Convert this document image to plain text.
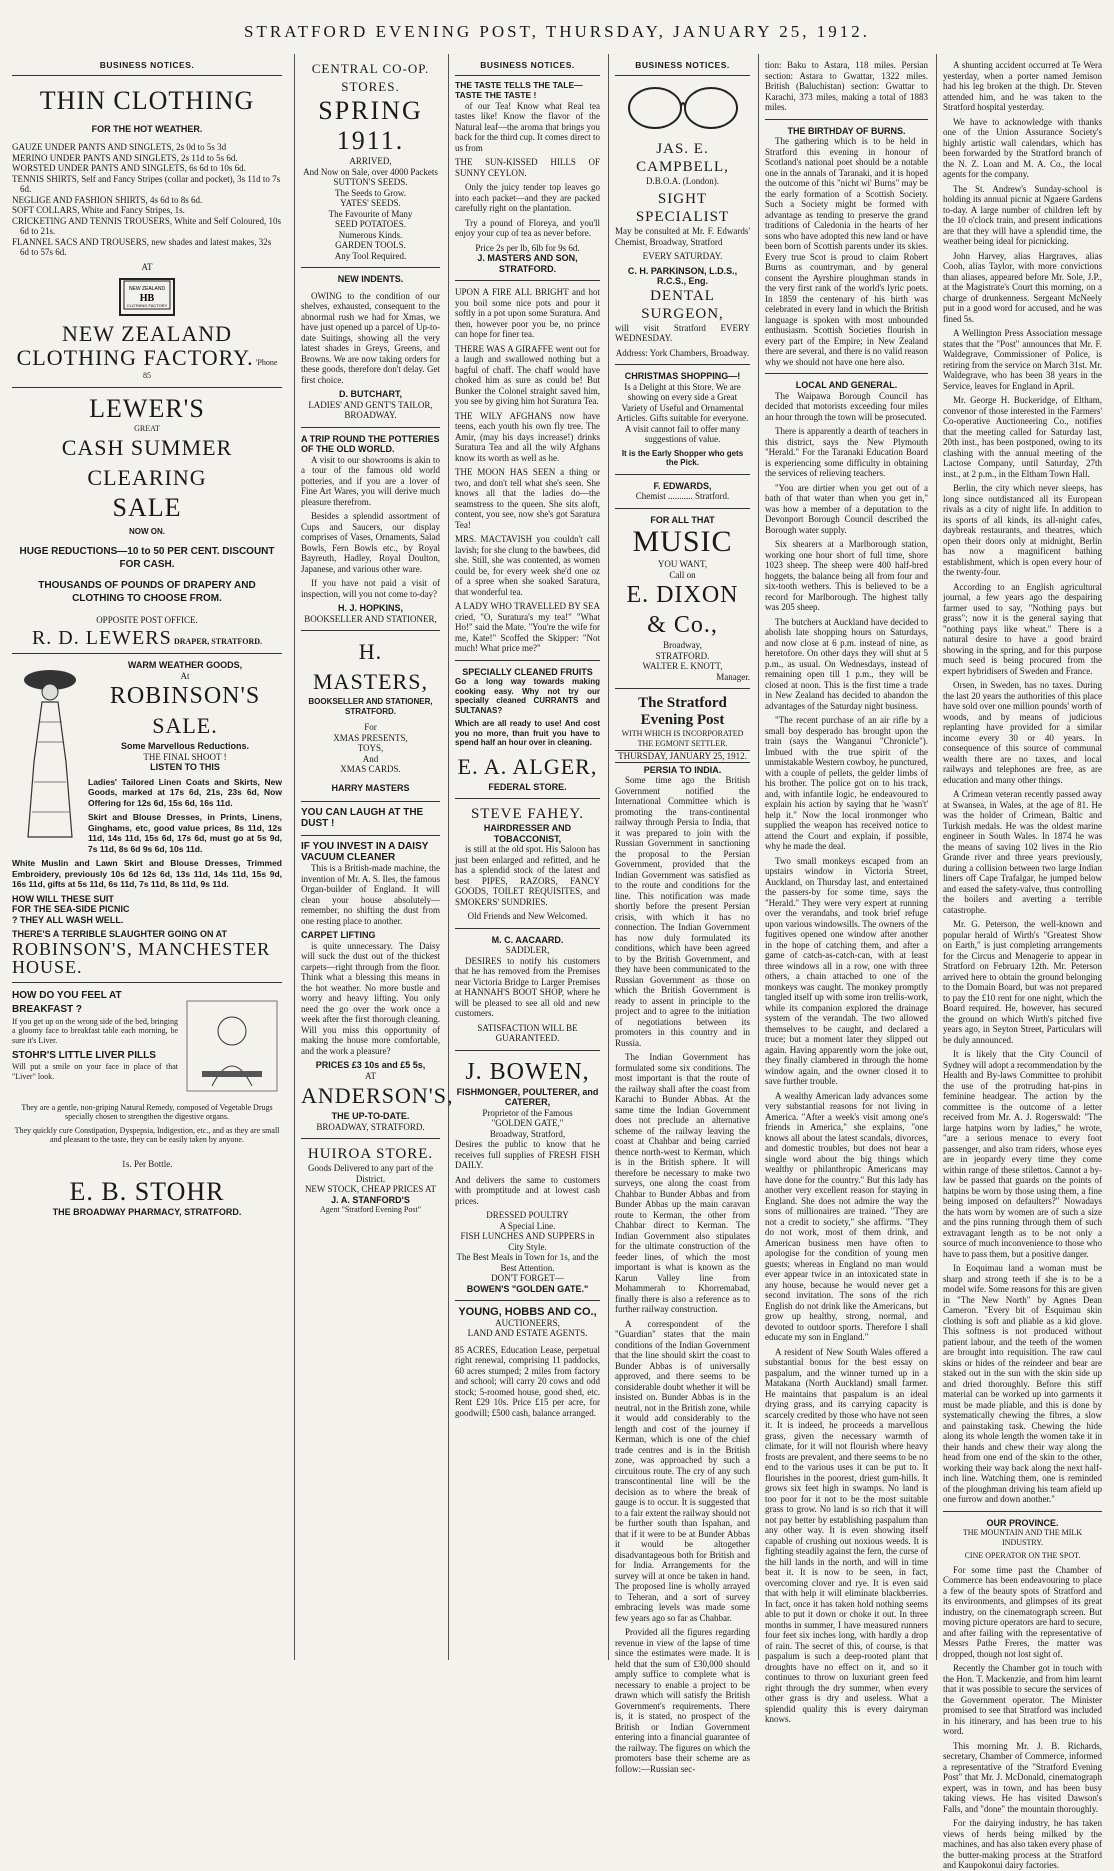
STRATFORD EVENING POST, THURSDAY, JANUARY 25, 1912.
BUSINESS NOTICES.
THIN CLOTHING
FOR THE HOT WEATHER.
GAUZE UNDER PANTS AND SINGLETS, 2s 0d to 5s 3d
MERINO UNDER PANTS AND SINGLETS, 2s 11d to 5s 6d.
WORSTED UNDER PANTS AND SINGLETS, 6s 6d to 10s 6d.
TENNIS SHIRTS, Self and Fancy Stripes (collar and pocket), 3s 11d to 7s 6d.
NEGLIGE AND FASHION SHIRTS, 4s 6d to 8s 6d.
SOFT COLLARS, White and Fancy Stripes, 1s.
CRICKETING AND TENNIS TROUSERS, White and Self Coloured, 10s 6d to 21s.
FLANNEL SACS AND TROUSERS, new shades and latest makes, 32s 6d to 57s 6d.
AT
NEW ZEALAND
HB
CLOTHING FACTORY
NEW ZEALAND CLOTHING FACTORY. 'Phone 85
LEWER'S
GREAT
CASH SUMMER CLEARING
SALE
NOW ON.
HUGE REDUCTIONS—10 to 50 PER CENT. DISCOUNT FOR CASH.
THOUSANDS OF POUNDS OF DRAPERY AND CLOTHING TO CHOOSE FROM.
OPPOSITE POST OFFICE.
R. D. LEWERS DRAPER, STRATFORD.
WARM WEATHER GOODS,
At
ROBINSON'S
SALE.
Some Marvellous Reductions.
THE FINAL SHOOT !
LISTEN TO THIS

Ladies' Tailored Linen Coats and Skirts, New Goods, marked at 17s 6d, 21s, 23s 6d, Now Offering for 12s 6d, 15s 6d, 16s 11d.

Skirt and Blouse Dresses, in Prints, Linens, Ginghams, etc, good value prices, 8s 11d, 12s 11d, 14s 11d, 15s 6d, 17s 6d, must go at 5s 9d, 7s 11d, 8s 6d 9s 6d, 10s 11d.

White Muslin and Lawn Skirt and Blouse Dresses, Trimmed Embroidery, previously 10s 6d 12s 6d, 13s 11d, 14s 11d, 15s 9d, 16s 11d, gifts at 5s 11d, 6s 11d, 7s 11d, 8s 11d, 9s 11d.

HOW WILL THESE SUIT FOR THE SEA-SIDE PICNIC ? THEY ALL WASH WELL.
THERE'S A TERRIBLE SLAUGHTER GOING ON AT
ROBINSON'S, MANCHESTER HOUSE.
HOW DO YOU FEEL AT BREAKFAST ?

If you get up on the wrong side of the bed, bringing a gloomy face to breakfast table each morning, be sure it's Liver.

STOHR'S LITTLE LIVER PILLS

Will put a smile on your face in place of that "Liver" look.

They are a gentle, non-griping Natural Remedy, composed of Vegetable Drugs specially chosen to strengthen the digestive organs.

They quickly cure Constipation, Dyspepsia, Indigestion, etc., and as they are small and pleasant to the taste, they can be easily taken by anyone.

1s. Per Bottle.
E. B. STOHR
THE BROADWAY PHARMACY, STRATFORD.
CENTRAL CO-OP. STORES.
SPRING 1911.
ARRIVED,
And Now on Sale, over 4000 Packets
SUTTON'S SEEDS.
The Seeds to Grow.
YATES' SEEDS.
The Favourite of Many
SEED POTATOES.
Numerous Kinds.
GARDEN TOOLS.
Any Tool Required.
NEW INDENTS.

OWING to the condition of our shelves, exhausted, consequent to the abnormal rush we had for Xmas, we have just opened up a parcel of Up-to-date Suitings, showing all the very latest shades in Greys, Greens, and Browns. We are now taking orders for these goods, therefore don't delay. Get first choice.

D. BUTCHART,
LADIES' AND GENT'S TAILOR,
BROADWAY.
A TRIP ROUND THE POTTERIES OF THE OLD WORLD.

A visit to our showrooms is akin to a tour of the famous old world potteries, and if you are a lover of Fine Art Wares, you will derive much pleasure therefrom.

Besides a splendid assortment of Cups and Saucers, our display comprises of Vases, Ornaments, Salad Bowls, Fern Bowls etc., by Royal Bayreuth, Hadley, Royal Doulton, Japanese, and various other ware.

If you have not paid a visit of inspection, will you not come to-day?

H. J. HOPKINS,
BOOKSELLER AND STATIONER,
H. MASTERS,
BOOKSELLER AND STATIONER, STRATFORD.
For
XMAS PRESENTS,
TOYS,
And
XMAS CARDS.
HARRY MASTERS
YOU CAN LAUGH AT THE DUST !
IF YOU INVEST IN A DAISY VACUUM CLEANER

This is a British-made machine, the invention of Mr. A. S. Iles, the famous Organ-builder of England. It will clean your house absolutely—remember, no shifting the dust from one resting place to another.

CARPET LIFTING

is quite unnecessary. The Daisy will suck the dust out of the thickest carpets—right through from the floor. Think what a blessing this means in the hot weather. No more bustle and worry and heavy lifting. You only need the go over the work once a week after the first thorough cleaning. Will you miss this opportunity of making the house more comfortable, and the work a pleasure?

PRICES £3 10s and £5 5s,
AT
ANDERSON'S,
THE UP-TO-DATE.
BROADWAY, STRATFORD.
HUIROA STORE.
Goods Delivered to any part of the District.
NEW STOCK, CHEAP PRICES AT
J. A. STANFORD'S
Agent "Stratford Evening Post"
BUSINESS NOTICES.
THE TASTE TELLS THE TALE— TASTE THE TASTE !

of our Tea! Know what Real tea tastes like! Know the flavor of the Natural leaf—the aroma that brings you back for the third cup. It comes direct to us from

THE SUN-KISSED HILLS OF SUNNY CEYLON.

Only the juicy tender top leaves go into each packet—and they are packed carefully right on the plantation.

Try a pound of Floreya, and you'll enjoy your cup of tea as never before.

Price 2s per lb, 6lb for 9s 6d.
J. MASTERS AND SON, STRATFORD.

UPON A FIRE ALL BRIGHT and hot you boil some nice pots and pour it softly in a pot upon some Suratura. And then, however poor you be, no prince can hope for finer tea.

THERE WAS A GIRAFFE went out for a laugh and swallowed nothing but a bagful of chaff. The chaff would have choked him as sure as could be! But Bunker the Colonel straight saved him, you see by giving him hot Suratura Tea.

THE WILY AFGHANS now have teens, each youth his own fly tree. The Amir, (may his days increase!) drinks Suratura Tea and all the wily Afghans know its worth as well as he.

THE MOON HAS SEEN a thing or two, and don't tell what she's seen. She knows all that the ladies do—the seamstress to the queen. She sits aloft, content, you see, now she's got Saratura Tea!

MRS. MACTAVISH you couldn't call lavish; for she clung to the bawbees, did she. Still, she was contented, as women could be, for every week she'd one oz of a spree when she soaked Saratura, that wonderful tea.

A LADY WHO TRAVELLED BY SEA cried, "O, Suratura's my tea!" "What Ho!" said the Mate. "You're the wife for me, Kate!" Scoffed the Skipper: "Not much! What price me?"

SPECIALLY CLEANED FRUITS

Go a long way towards making cooking easy. Why not try our specially cleaned CURRANTS and SULTANAS?

Which are all ready to use! And cost you no more, than fruit you have to spend half an hour over in cleaning.

E. A. ALGER,
FEDERAL STORE.
STEVE FAHEY.
HAIRDRESSER AND TOBACCONIST,

is still at the old spot. His Saloon has just been enlarged and refitted, and he has a splendid stock of the latest and best PIPES, RAZORS, FANCY GOODS, TOILET REQUISITES, and SMOKERS' SUNDRIES.

Old Friends and New Welcomed.
M. C. AACAARD.
SADDLER,

DESIRES to notify his customers that he has removed from the Premises near Victoria Bridge to Larger Premises at HANNAH'S BOOT SHOP, where he will be pleased to see all old and new customers.

SATISFACTION WILL BE GUARANTEED.
J. BOWEN,
FISHMONGER, POULTERER, and CATERER,
Proprietor of the Famous
"GOLDEN GATE,"
Broadway, Stratford,

Desires the public to know that he receives full supplies of FRESH FISH DAILY.

And delivers the same to customers with promptitude and at lowest cash prices.

DRESSED POULTRY
A Special Line.
FISH LUNCHES AND SUPPERS in City Style.
The Best Meals in Town for 1s, and the Best Attention.
DON'T FORGET—
BOWEN'S "GOLDEN GATE."
YOUNG, HOBBS AND CO.,
AUCTIONEERS,
LAND AND ESTATE AGENTS.

85 ACRES, Education Lease, perpetual right renewal, comprising 11 paddocks, 60 acres stumped; 2 miles from factory and school; will carry 20 cows and odd stock; 5-roomed house, good shed, etc. Rent £29 10s. Price £15 per acre, for goodwill; £500 cash, balance arranged.

BUSINESS NOTICES.
JAS. E. CAMPBELL,
D.B.O.A. (London).
SIGHT SPECIALIST

May be consulted at Mr. F. Edwards' Chemist, Broadway, Stratford

EVERY SATURDAY.
C. H. PARKINSON, L.D.S., R.C.S., Eng.
DENTAL SURGEON,

will visit Stratford EVERY WEDNESDAY.

Address: York Chambers, Broadway.
CHRISTMAS SHOPPING—!

Is a Delight at this Store. We are showing on every side a Great Variety of Useful and Ornamental Articles. Gifts suitable for everyone. A visit cannot fail to offer many suggestions of value.

It is the Early Shopper who gets the Pick.
F. EDWARDS,
Chemist ........... Stratford.
FOR ALL THAT
MUSIC
YOU WANT,
Call on
E. DIXON & Co.,
Broadway,
STRATFORD.
WALTER E. KNOTT,
Manager.
The Stratford Evening Post
WITH WHICH IS INCORPORATED THE EGMONT SETTLER.
THURSDAY, JANUARY 25, 1912.
PERSIA TO INDIA.

Some time ago the British Government notified the International Committee which is promoting the trans-continental railway through Persia to India, that it was prepared to join with the Russian Government in sanctioning the proposal to the Persian Government, provided that the Indian Government was satisfied as to the route and conditions for the line. This notification was made shortly before the present Persian crisis, with which it has no connection. The Indian Government has now duly formulated its conditions, which have been agreed to by the British Government, and they have been communicated to the Russian Government as those on which the British Government is ready to assent in principle to the project and to agree to the initiation of negotiations between its promoters in this country and in Russia.

The Indian Government has formulated some six conditions. The most important is that the route of the railway shall after the coast from Karachi to Bunder Abbas. At the same time the Indian Government does not preclude an alternative scheme of the railway leaving the coast at Chahbar and being carried thence north-west to Kerman, which is in the British sphere. It will therefore be necessary to make two surveys, one along the coast from Chahbar to Bunder Abbas and from Bunder Abbas up the main caravan route to Kerman, the other from Chahbar direct to Kerman. The Indian Government also stipulates for the ultimate construction of the feeder lines, of which the most important is what is known as the Karun Valley line from Mohammerah to Khorremabad, finally there is also a reference as to further railway construction.

A correspondent of the "Guardian" states that the main conditions of the Indian Government that the line should skirt the coast to Bunder Abbas is of universally approved, and there seems to be considerable doubt whether it will be insisted on. Bunder Abbas is in the neutral, not in the British zone, while it would add considerably to the length and cost of the journey if Kerman, which is one of the chief trade centres and is in the British zone, was approached by such a circuitous route. The cry of any such transcontinental line will be the decision as to where the break of gauge is to occur. It is suggested that to a fair extent the railway should not be further south than Ispahan, and that if it were to be at Bunder Abbas it would be altogether disadvantageous both for British and for India. Arrangements for the survey will at once be taken in hand. The proposed line is wholly arrayed to Teheran, and a sort of survey embracing levels was made some few years ago so far as Chahbar.

Provided all the figures regarding revenue in view of the lapse of time since the estimates were made. It is held that the sum of £30,000 should amply suffice to complete what is necessary to enable a project to be drawn which will satisfy the British Government's requirements. There is, it is stated, no prospect of the British or Indian Government entering into a financial guarantee of the railway. The figures on which the promoters base their scheme are as follow:—Russian sec-

tion: Baku to Astara, 118 miles. Persian section: Astara to Gwattar, 1322 miles. British (Baluchistan) section: Gwattar to Karachi, 373 miles, making a total of 1883 miles.

THE BIRTHDAY OF BURNS.

The gathering which is to be held in Stratford this evening in honour of Scotland's national poet should be a notable one in the annals of Taranaki, and it is hoped the outcome of this "nicht wi' Burns" may be the early formation of a Scottish Society. Such a Society might be formed with advantage as tending to preserve the grand traditions of Caledonia in the hearts of her sons who have adopted this new land or have been born of Scottish parents under its skies. Every true Scot is proud to claim Robert Burns as countryman, and by general consent the Ayrshire ploughman stands in the very first rank of the world's lyric poets. In 1859 the centenary of his birth was celebrated in every land in which the British language is spoken with most unbounded enthusiasm. Scottish Societies flourish in every part of the Empire; in New Zealand there are several, and there is no valid reason why we should not have one here also.

LOCAL AND GENERAL.

The Waipawa Borough Council has decided that motorists exceeding four miles an hour through the town will be prosecuted.

There is apparently a dearth of teachers in this district, says the New Plymouth "Herald." For the Taranaki Education Board is experiencing some difficulty in obtaining the services of relieving teachers.

"You are dirtier when you get out of a bath of that water than when you get in," was how a member of a deputation to the Devonport Borough Council described the Borough water supply.

Six shearers at a Marlborough station, working one hour short of full time, shore 1023 sheep. The sheep were 400 half-bred hoggets, the balance being all from four and six-tooth wethers. This is believed to be a record for Marlborough. The highest tally was 205 sheep.

The butchers at Auckland have decided to abolish late shopping hours on Saturdays, and now close at 6 p.m. instead of nine, as heretofore. On other days they will shut at 5 p.m., as usual. On Wednesdays, instead of remaining open till 1 p.m., they will be closed at noon. This is the first time a trade in New Zealand has decided to abandon the advantages of the Saturday night business.

"The recent purchase of an air rifle by a small boy desperado has brought upon the train (says the Wanganui "Chronicle"). Imbued with the true spirit of the unmistakable Western cowboy, he punctured, with a couple of pellets, the gelder limbs of his brother. The police got on to his track, and, with infantile logic, he endeavoured to explain his action by saying that he 'wasn't' help it." Now the local ironmonger who supplied the weapon has received notice to attend the Court and explain, if possible, why he made the deal.

Two small monkeys escaped from an upstairs window in Victoria Street, Auckland, on Thursday last, and entertained the passers-by for some time, says the "Herald." They were very expert at running over the verandahs, and took brief refuge upon various windowsills. The owners of the fugitives opened one window after another in the hope of catching them, and after a game of catch-as-catch-can, with at least three windows all in a row, one with three others, a chain attached to one of the monkeys was caught. The monkey promptly tangled itself up with some iron trellis-work, while its companion explored the drainage system of the verandah. The two allowed themselves to be caught, and declared a truce; but a moment later they slipped out again. Having apparently worn the joke out, they finally clambered in through the home window again, and the owner closed it to save further trouble.

A wealthy American lady advances some very substantial reasons for not living in America. "After a week's visit among one's friends in America," she explains, "one knows all about the latest scandals, divorces, and domestic troubles, but does not hear a single word about the big things which wealthy or philanthropic Americans may have done for the country." But this lady has another very excellent reason for staying in England. She does not admire the way the sons of millionaires are trained. "They are not a credit to society," she affirms. "They do not work, most of them drink, and American business men have often to apologise for the condition of young men guests; whereas in England no man would ever appear twice in an intoxicated state in any house, because he would never get a second invitation. The sons of the rich English do not drink like the Americans, but grow up healthy, strong, normal, and devoted to outdoor sports. Therefore I shall educate my son in England."

A resident of New South Wales offered a substantial bonus for the best essay on paspalum, and the winner turned up in a Matakana (North Auckland) small farmer. He maintains that paspalum is an ideal drying grass, and its carrying capacity is scarcely credited by those who have not seen it. It is indeed, he proceeds a marvellous grass, given the necessary warmth of climate, for it will not flourish where heavy frosts are prevalent, and there seems to be no end to the various uses it can be put to. It flourishes in the poorest, driest gum-hills. It grows six feet high in swamps. No land is too poor for it not to be the most suitable grass to grow. No land is so rich that it will not pay better by establishing paspalum than any other way. It is even showing itself capable of crushing out noxious weeds. It is fighting steadily against the fern, the curse of the hill lands in the north, and will in time beat it. It is now to be seen, in fact, overcoming clover and rye. It is even said that with help it will eliminate blackberries. In fact, once it has taken hold nothing seems able to put it down or choke it out. In three months in summer, I have measured runners four feet six inches long, with hardly a drop of rain. The secret of this, of course, is that paspalum is such a deep-rooted plant that droughts have no effect on it, and so it continues to throw on luxuriant green feed right through the dry summer, when every other grass is dry and useless. What a splendid quality this is every dairyman knows.

A shunting accident occurred at Te Wera yesterday, when a porter named Jemison had his leg broken at the thigh. Dr. Steven attended him, and he was taken to the Stratford hospital yesterday.

We have to acknowledge with thanks one of the Union Assurance Society's highly artistic wall calendars, which has been forwarded by the Stratford branch of the N. Z. Loan and M. A. Co., the local agents for the company.

The St. Andrew's Sunday-school is holding its annual picnic at Ngaere Gardens to-day. A large number of children left by the 10 o'clock train, and present indications are that they will have a splendid time, the weather being ideal for picnicking.

John Harvey, alias Hargraves, alias Cooh, alias Taylor, with more convictions than aliases, appeared before Mr. Sole, J.P., at the Magistrate's Court this morning, on a charge of drunkenness. Sergeant McNeely put in a good word for accused, and he was fined 5s.

A Wellington Press Association message states that the "Post" announces that Mr. F. Waldegrave, Commissioner of Police, is retiring from the service on March 31st. Mr. Waldegrave, who has been 38 years in the Service, leaves for England in April.

Mr. George H. Buckeridge, of Eltham, convenor of those interested in the Farmers' Co-operative Auctioneering Co., notifies that the meeting called for Saturday last, 20th inst., has been postponed, owing to its clashing with the annual meeting of the Lactose Company, until Saturday, 27th inst., at 2 p.m., in the Eltham Town Hall.

Berlin, the city which never sleeps, has long since outdistanced all its European rivals as a city of night life. In addition to its sports of all kinds, its all-night cafes, daybreak restaurants, and theatres, which open their doors only at midnight, Berlin has now a magnificent bathing establishment, which is open every hour of the twenty-four.

According to an English agricultural journal, a few years ago the despairing farmer used to say, "Nothing pays but grass"; now it is the general saying that "nothing pays like wheat." There is a natural desire to have a good braird showing in the spring, and for this purpose much seed is being procured from the expert hybridisers of Sweden and France.

Orsen, in Sweden, has no taxes. During the last 20 years the authorities of this place have sold over one million pounds' worth of woods, and by means of judicious replanting have provided for a similar income every 30 or 40 years. In consequence of this source of communal wealth there are no taxes, and local railways and telephones are free, as are education and many other things.

A Crimean veteran recently passed away at Swansea, in Wales, at the age of 81. He was the holder of Crimean, Baltic and Turkish medals. He was the oldest marine engineer in South Wales. In 1874 he was the means of saving 102 lives in the Rio Grande river and three years previously, during a collision between two large Indian liners off Cape Trafalgar, he jumped below and eased the safety-valve, thus controlling the boilers and averting a terrible catastrophe.

Mr. G. Peterson, the well-known and popular herald of Wirth's "Greatest Show on Earth," is just completing arrangements for the Circus and Menagerie to appear in Stratford on February 12th. Mr. Peterson arrived here to obtain the ground belonging to the Domain Board, but was not prepared to pay the £10 rent for one night, which the Board required. He, however, has secured the ground on which Wirth's pitched five years ago, in Seyton Street, Particulars will be duly announced.

It is likely that the City Council of Sydney will adopt a recommendation by the Health and By-laws Committee to prohibit the use of the protruding hat-pins in feminine headgear. The action by the committee is the outcome of a letter received from Mr. A. J. Rogerswald: "The large hatpins worn by ladies," he wrote, "are a serious menace to every foot passenger, and also tram riders, whose eyes are in jeopardy every time they come within range of these stilettos. Cannot a by-law be passed that guards on the points of hatpins be worn by those using them, a fine being imposed on defaulters?" Nowadays the hats worn by women are of such a size and the pins running through them of such extravagant length as to be not only a source of much inconvenience to those who have to pass them, but a positive danger.

In Eoquimau land a woman must be sharp and strong teeth if she is to be a model wife. Some reasons for this are given in "The New North" by Agnes Dean Cameron. "Every bit of Esquimau skin clothing is soft and pliable as a kid glove. This softness is not produced without patient labour, and the teeth of the women are brought into requisition. The raw caul skins or hides of the reindeer and bear are staked out in the sun with the skin side up and dried thoroughly. Before this stiff material can be worked up into garments it must be made pliable, and this is done by systematically chewing the fibres, a slow and painstaking task. Chewing the hide along its whole length the women take it in their hands and chew their way along the head from one end of the skin to the other, working their way back along the next half-inch line. Watching them, one is reminded of the ploughman driving his team afield up one furrow and down another."

OUR PROVINCE.
THE MOUNTAIN AND THE MILK INDUSTRY.
CINE OPERATOR ON THE SPOT.

For some time past the Chamber of Commerce has been endeavouring to place a few of the beauty spots of Stratford and its environments, and glimpses of its great industry, on the cinematograph screen. But moving picture operators are hard to secure, and after failing with the representative of Messrs Pathe Freres, the matter was dropped, though not lost sight of.

Recently the Chamber got in touch with the Hon. T. Mackenzie, and from him learnt that it was possible to secure the services of the Government operator. The Minister promised to see that Stratford was included in his itinerary, and has been true to his word.

This morning Mr. J. B. Richards, secretary, Chamber of Commerce, informed a representative of the "Stratford Evening Post" that Mr. J. McDonald, cinematograph expert, was in town, and has been busy taking views. He has visited Dawson's Falls, and "done" the mountain thoroughly.

For the dairying industry, he has taken views of herds being milked by the machines, and has also taken every phase of the butter-making process at the Stratford and Kaupokonui dairy factories.
